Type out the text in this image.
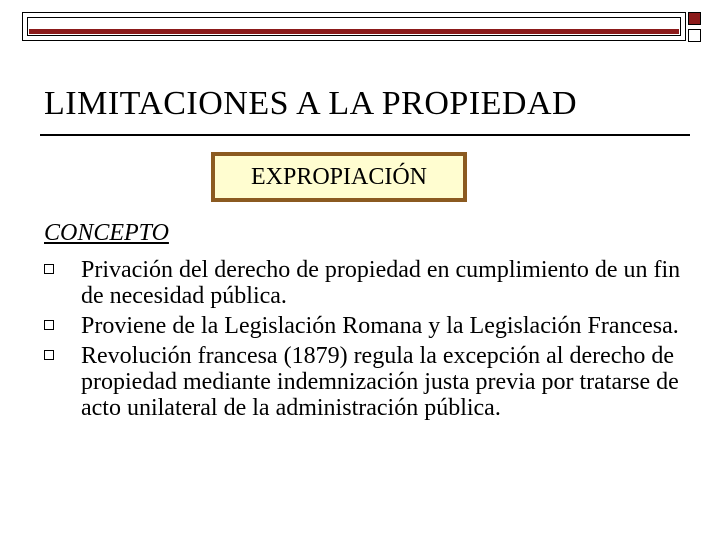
LIMITACIONES A LA PROPIEDAD
EXPROPIACIÓN
CONCEPTO
Privación del derecho de propiedad en cumplimiento de un fin de necesidad pública.
Proviene de la Legislación Romana y la Legislación Francesa.
Revolución francesa (1879) regula la excepción al derecho de propiedad mediante indemnización justa previa por tratarse de acto unilateral de la administración pública.
